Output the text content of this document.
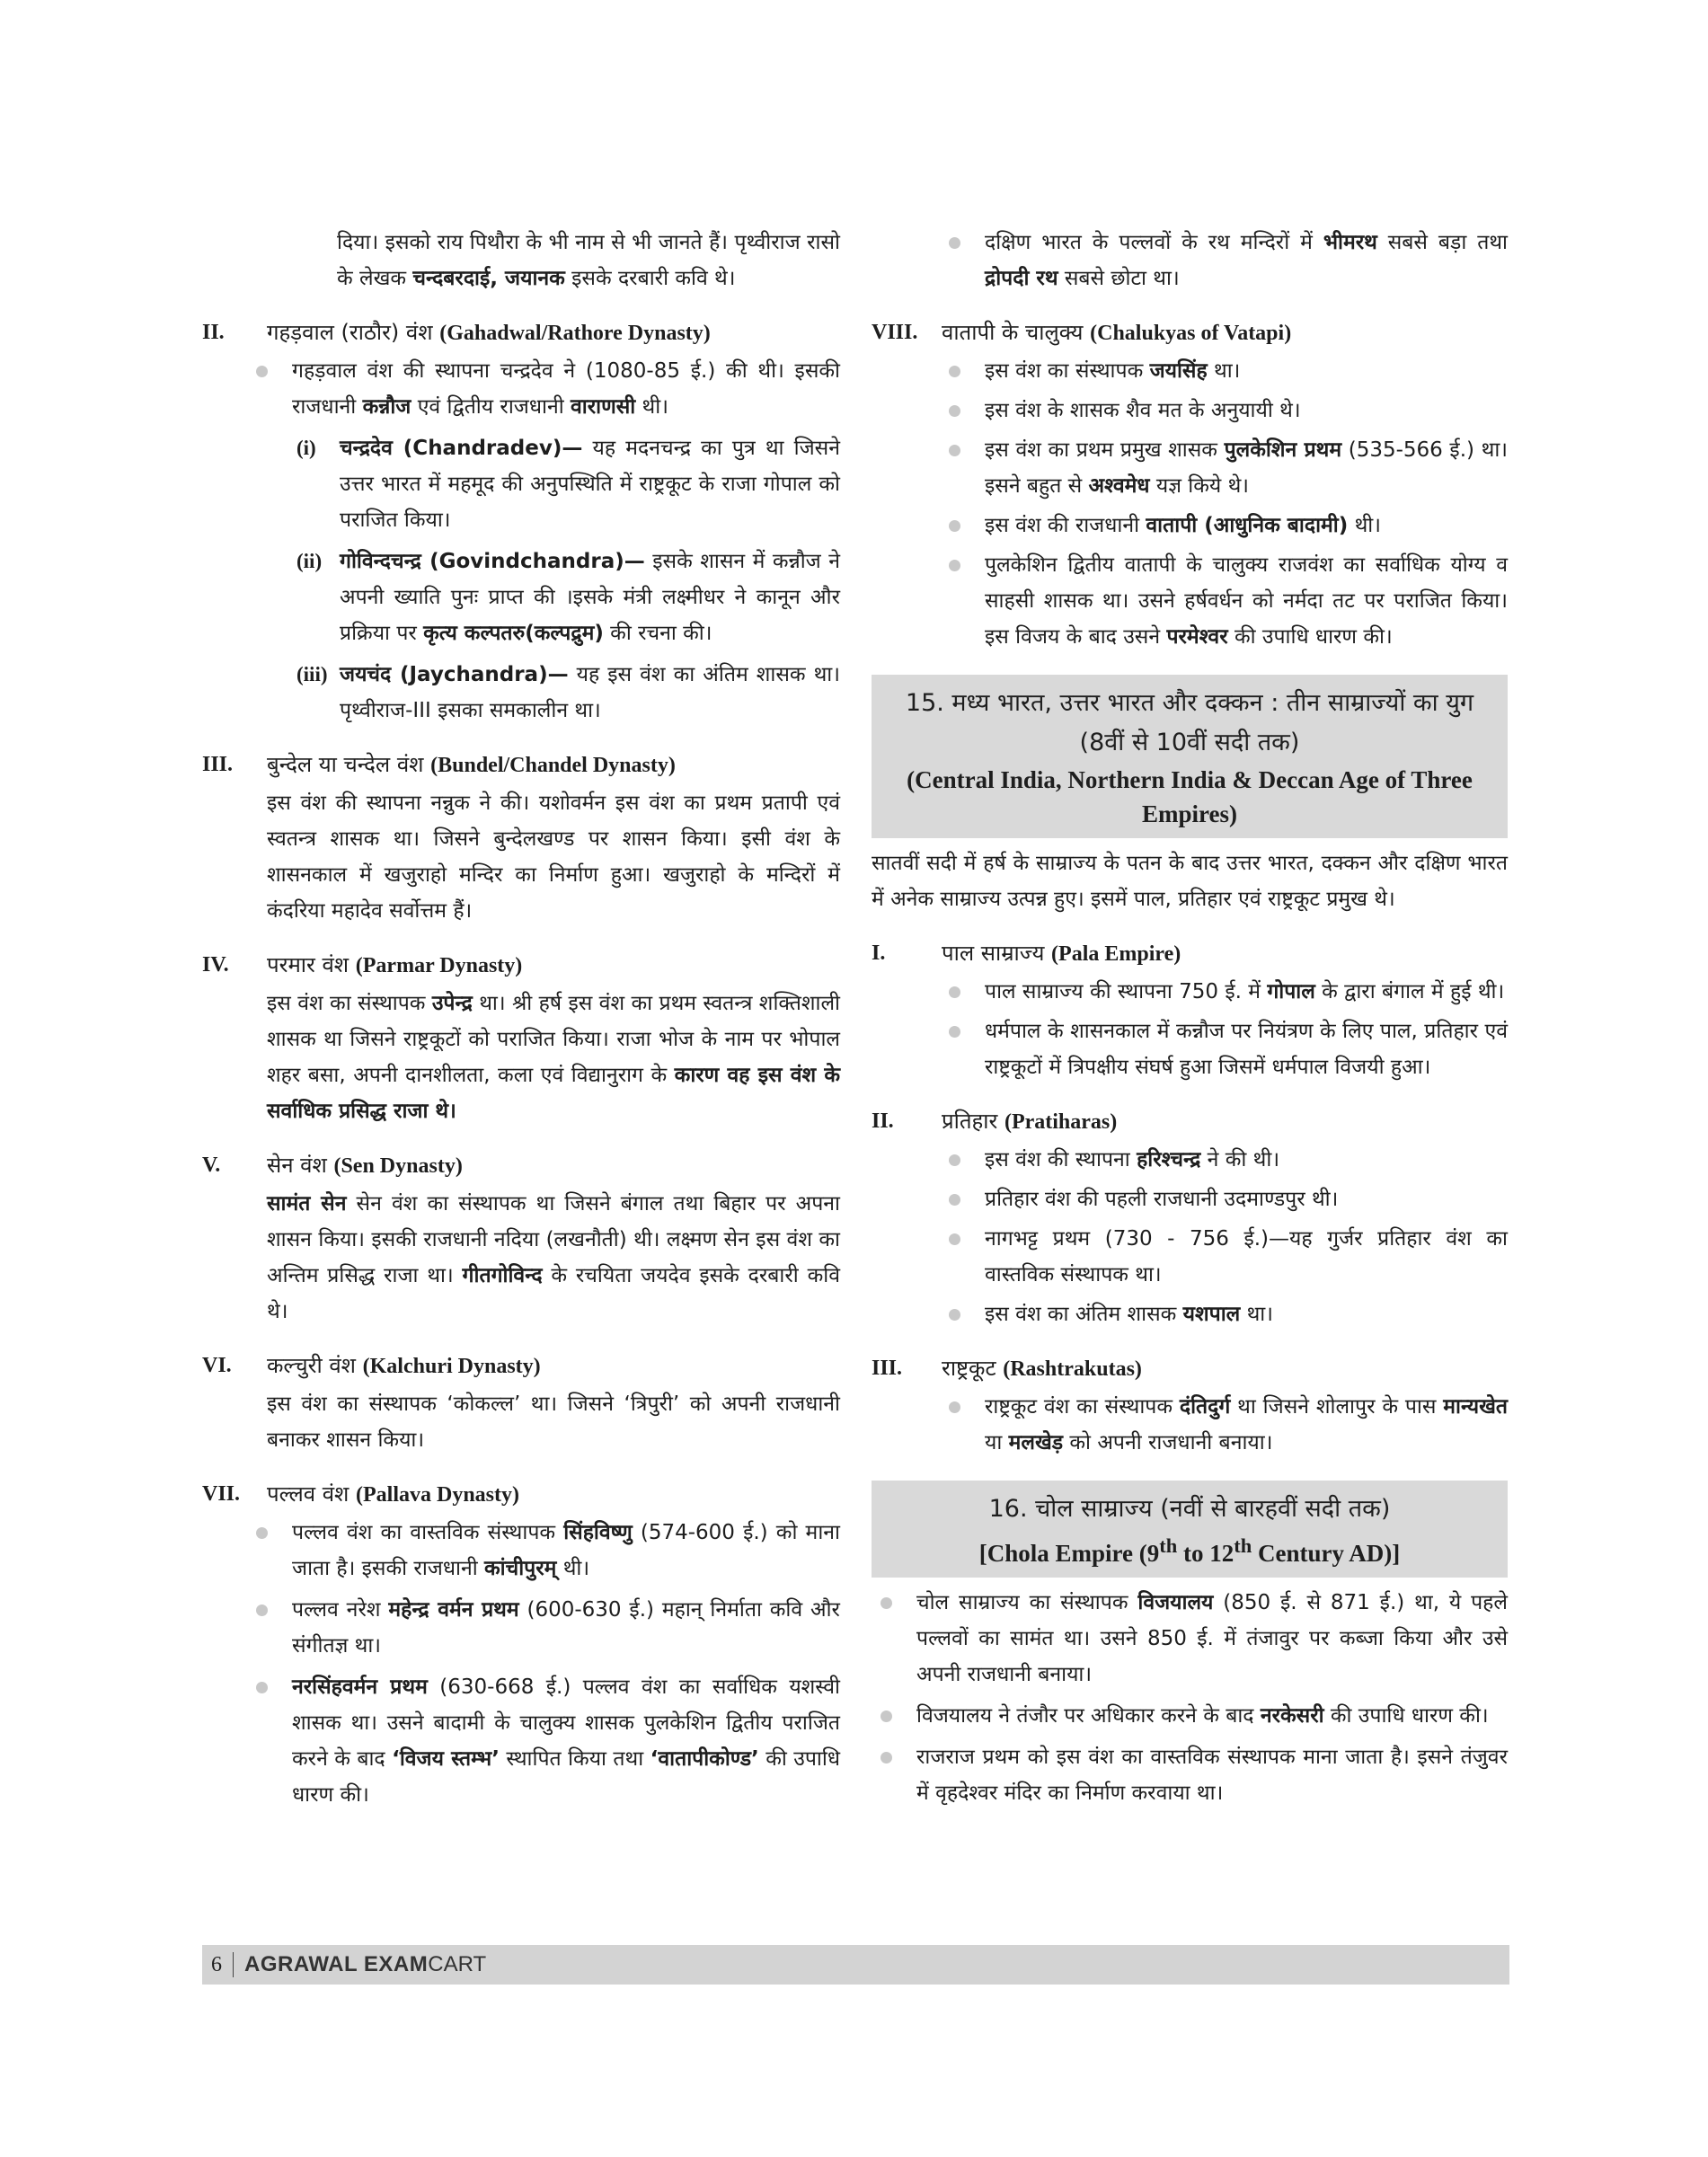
दिया। इसको राय पिथौरा के भी नाम से भी जानते हैं। पृथ्वीराज रासो के लेखक चन्दबरदाई, जयानक इसके दरबारी कवि थे।
II.	गहड़वाल (राठौर) वंश (Gahadwal/Rathore Dynasty)
गहड़वाल वंश की स्थापना चन्द्रदेव ने (1080-85 ई.) की थी। इसकी राजधानी कन्नौज एवं द्वितीय राजधानी वाराणसी थी।
(i)	चन्द्रदेव (Chandradev)— यह मदनचन्द्र का पुत्र था जिसने उत्तर भारत में महमूद की अनुपस्थिति में राष्ट्रकूट के राजा गोपाल को पराजित किया।
(ii) गोविन्दचन्द्र (Govindchandra)— इसके शासन में कन्नौज ने अपनी ख्याति पुनः प्राप्त की ।इसके मंत्री लक्ष्मीधर ने कानून और प्रक्रिया पर कृत्य कल्पतरु(कल्पद्रुम) की रचना की।
(iii) जयचंद (Jaychandra)— यह इस वंश का अंतिम शासक था। पृथ्वीराज-III इसका समकालीन था।
III.	बुन्देल या चन्देल वंश (Bundel/Chandel Dynasty)
इस वंश की स्थापना नन्नुक ने की। यशोवर्मन इस वंश का प्रथम प्रतापी एवं स्वतन्त्र शासक था। जिसने बुन्देलखण्ड पर शासन किया। इसी वंश के शासनकाल में खजुराहो मन्दिर का निर्माण हुआ। खजुराहो के मन्दिरों में कंदरिया महादेव सर्वोत्तम हैं।
IV.	परमार वंश (Parmar Dynasty)
इस वंश का संस्थापक उपेन्द्र था। श्री हर्ष इस वंश का प्रथम स्वतन्त्र शक्तिशाली शासक था जिसने राष्ट्रकूटों को पराजित किया। राजा भोज के नाम पर भोपाल शहर बसा, अपनी दानशीलता, कला एवं विद्यानुराग के कारण वह इस वंश के सर्वाधिक प्रसिद्ध राजा थे।
V.	सेन वंश (Sen Dynasty)
सामंत सेन सेन वंश का संस्थापक था जिसने बंगाल तथा बिहार पर अपना शासन किया। इसकी राजधानी नदिया (लखनौती) थी। लक्ष्मण सेन इस वंश का अन्तिम प्रसिद्ध राजा था। गीतगोविन्द के रचयिता जयदेव इसके दरबारी कवि थे।
VI.	कल्चुरी वंश (Kalchuri Dynasty)
इस वंश का संस्थापक ‘कोकल्ल’ था। जिसने ‘त्रिपुरी’ को अपनी राजधानी बनाकर शासन किया।
VII.	पल्लव वंश (Pallava Dynasty)
पल्लव वंश का वास्तविक संस्थापक सिंहविष्णु (574-600 ई.) को माना जाता है। इसकी राजधानी कांचीपुरम् थी।
पल्लव नरेश महेन्द्र वर्मन प्रथम (600-630 ई.) महान् निर्माता कवि और संगीतज्ञ था।
नरसिंहवर्मन प्रथम (630-668 ई.) पल्लव वंश का सर्वाधिक यशस्वी शासक था। उसने बादामी के चालुक्य शासक पुलकेशिन द्वितीय पराजित करने के बाद ‘विजय स्तम्भ’ स्थापित किया तथा ‘वातापीकोण्ड’ की उपाधि धारण की।
दक्षिण भारत के पल्लवों के रथ मन्दिरों में भीमरथ सबसे बड़ा तथा द्रोपदी रथ सबसे छोटा था।
VIII.	वातापी के चालुक्य (Chalukyas of Vatapi)
इस वंश का संस्थापक जयसिंह था।
इस वंश के शासक शैव मत के अनुयायी थे।
इस वंश का प्रथम प्रमुख शासक पुलकेशिन प्रथम (535-566 ई.) था। इसने बहुत से अश्वमेध यज्ञ किये थे।
इस वंश की राजधानी वातापी (आधुनिक बादामी) थी।
पुलकेशिन द्वितीय वातापी के चालुक्य राजवंश का सर्वाधिक योग्य व साहसी शासक था। उसने हर्षवर्धन को नर्मदा तट पर पराजित किया। इस विजय के बाद उसने परमेश्वर की उपाधि धारण की।
15. मध्य भारत, उत्तर भारत और दक्कन : तीन साम्राज्यों का युग (8वीं से 10वीं सदी तक)
(Central India, Northern India & Deccan Age of Three Empires)
सातवीं सदी में हर्ष के साम्राज्य के पतन के बाद उत्तर भारत, दक्कन और दक्षिण भारत में अनेक साम्राज्य उत्पन्न हुए। इसमें पाल, प्रतिहार एवं राष्ट्रकूट प्रमुख थे।
I.	पाल साम्राज्य (Pala Empire)
पाल साम्राज्य की स्थापना 750 ई. में गोपाल के द्वारा बंगाल में हुई थी।
धर्मपाल के शासनकाल में कन्नौज पर नियंत्रण के लिए पाल, प्रतिहार एवं राष्ट्रकूटों में त्रिपक्षीय संघर्ष हुआ जिसमें धर्मपाल विजयी हुआ।
II.	प्रतिहार (Pratiharas)
इस वंश की स्थापना हरिश्चन्द्र ने की थी।
प्रतिहार वंश की पहली राजधानी उदमाण्डपुर थी।
नागभट्ट प्रथम (730 - 756 ई.)—यह गुर्जर प्रतिहार वंश का वास्तविक संस्थापक था।
इस वंश का अंतिम शासक यशपाल था।
III.	राष्ट्रकूट (Rashtrakutas)
राष्ट्रकूट वंश का संस्थापक दंतिदुर्ग था जिसने शोलापुर के पास मान्यखेत या मलखेड़ को अपनी राजधानी बनाया।
16. चोल साम्राज्य (नवीं से बारहवीं सदी तक)
[Chola Empire (9th to 12th Century AD)]
चोल साम्राज्य का संस्थापक विजयालय (850 ई. से 871 ई.) था, ये पहले पल्लवों का सामंत था। उसने 850 ई. में तंजावुर पर कब्जा किया और उसे अपनी राजधानी बनाया।
विजयालय ने तंजौर पर अधिकार करने के बाद नरकेसरी की उपाधि धारण की।
राजराज प्रथम को इस वंश का वास्तविक संस्थापक माना जाता है। इसने तंजुवर में वृहदेश्वर मंदिर का निर्माण करवाया था।
6	AGRAWAL EXAM CART
